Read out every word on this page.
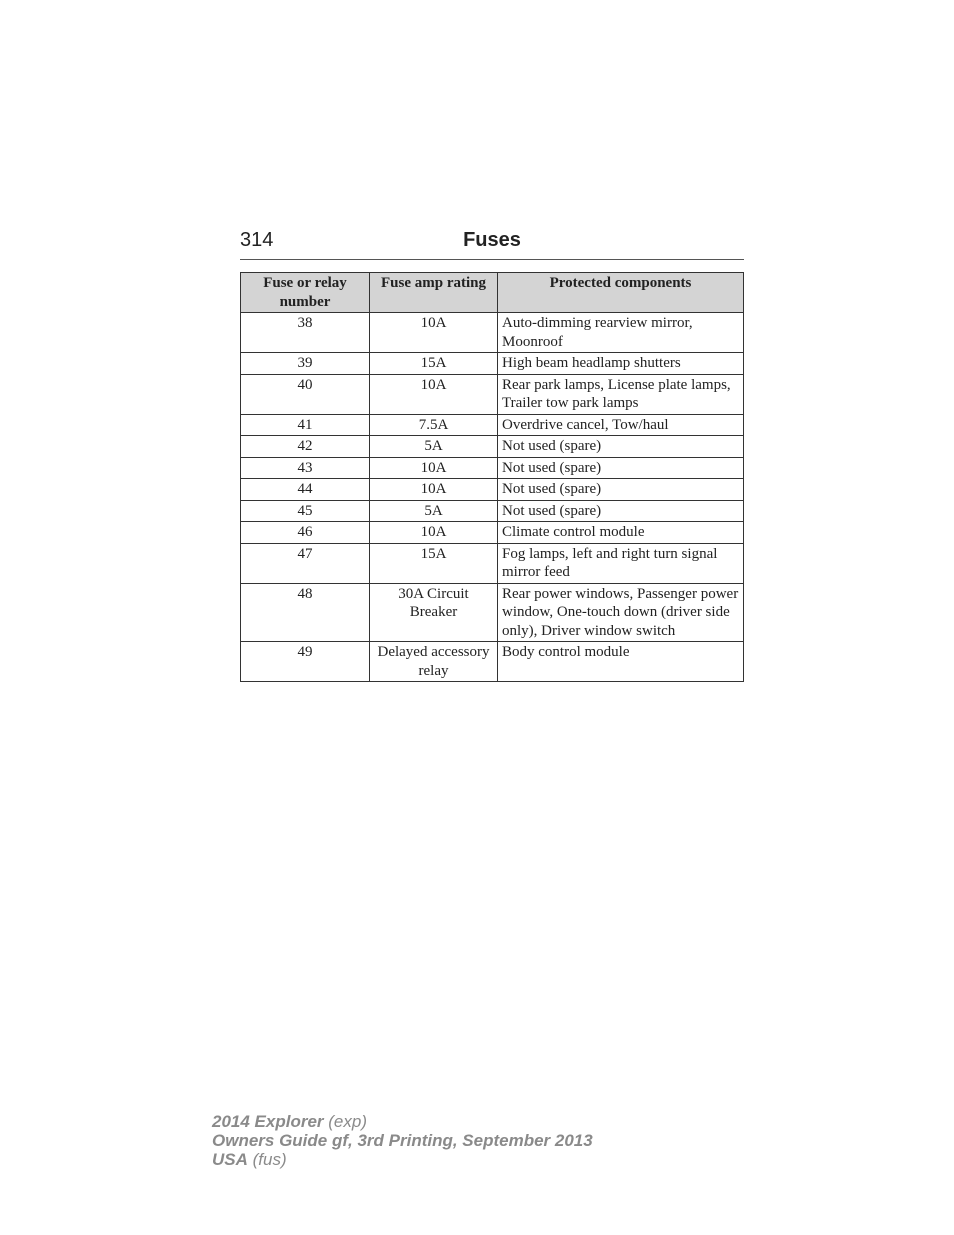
314	Fuses
Fuse or relay number	Fuse amp rating	Protected components
38	10A	Auto-dimming rearview mirror, Moonroof
39	15A	High beam headlamp shutters
40	10A	Rear park lamps, License plate lamps, Trailer tow park lamps
41	7.5A	Overdrive cancel, Tow/haul
42	5A	Not used (spare)
43	10A	Not used (spare)
44	10A	Not used (spare)
45	5A	Not used (spare)
46	10A	Climate control module
47	15A	Fog lamps, left and right turn signal mirror feed
48	30A Circuit Breaker	Rear power windows, Passenger power window, One-touch down (driver side only), Driver window switch
49	Delayed accessory relay	Body control module
2014 Explorer (exp)
Owners Guide gf, 3rd Printing, September 2013
USA (fus)
